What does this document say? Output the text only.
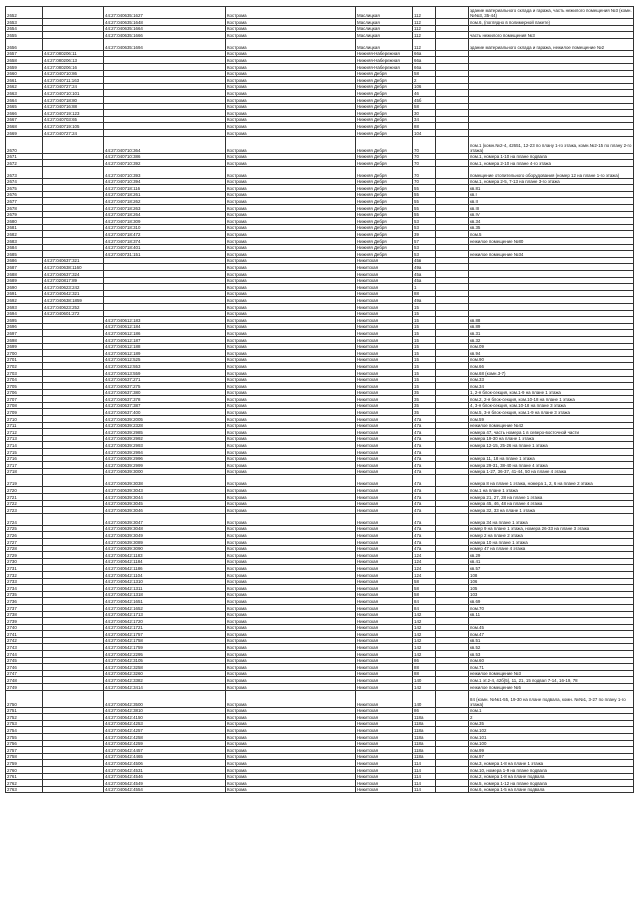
2652		44:27:040635:1627	Кострома	Маслицкая	112		здание материального склада и гаража, часть нежилого помещения №3 (комн. №№3, 35-44)
2653		44:27:040635:1648	Кострома	Маслицкая	112		пом.6, (поглядно в полимерной пакете)
2654		44:27:040635:1664	Кострома	Маслицкая	112		
2655		44:27:040635:1666	Кострома	Маслицкая	112		часть нежилого помещения №3
2656		44:27:040635:1694	Кострома	Маслицкая	112		здание материального склада и гаража, нежилое помещение №2
2657	44:27:080206:11		Кострома	Нижняя-Набережная	66а		
2658	44:27:080206:13		Кострома	Нижняя-Набережная	66а		
2659	44:27:080206:16		Кострома	Нижняя-Набережная	66а		
2660	44:27:040710:86		Кострома	Нижняя Дебря	58		
2661	44:27:040711:163		Кострома	Нижняя Дебря	2		
2662	44:27:040727:24		Кострома	Нижняя Дебря	106		
2663	44:27:040710:101		Кострома	Нижняя Дебря	46		
2664	44:27:040718:80		Кострома	Нижняя Дебря	45б		
2665	44:27:040716:88		Кострома	Нижняя Дебря	58		
2666	44:27:040719:123		Кострома	Нижняя Дебря	30		
2667	44:27:040703:65		Кострома	Нижняя Дебря	34		
2668	44:27:040719:105		Кострома	Нижняя Дебря	88		
2669	44:27:040727:24		Кострома	Нижняя Дебря	104		
2670		44:27:040710:364	Кострома	Нижняя Дебря	70		пом.1 (комн.№2-4, 42651, 12-23 по плану 1-го этажа, комн.№2-15 по плану 2-го этажа)
2671		44:27:040710:386	Кострома	Нижняя Дебря	70		пом.1, номера 1-10 на плане подвала
2672		44:27:040710:392	Кострома	Нижняя Дебря	70		пом.1, номера 2-10 на плане 4-го этажа
2673		44:27:040710:393	Кострома	Нижняя Дебря	70		помещение отопительного оборудования (номер 12 на плане 1-го этажа)
2674		44:27:040710:394	Кострома	Нижняя Дебря	70		пом.1, номера 2-5, 7-13 на плане 3-го этажа
2675		44:27:040718:116	Кострома	Нижняя Дебря	55		кв.81
2676		44:27:040718:261	Кострома	Нижняя Дебря	55		кв.I
2677		44:27:040718:262	Кострома	Нижняя Дебря	55		кв.II
2678		44:27:040718:263	Кострома	Нижняя Дебря	55		кв.III
2679		44:27:040718:264	Кострома	Нижняя Дебря	55		кв.IV
2680		44:27:040718:309	Кострома	Нижняя Дебря	53		кв.34
2681		44:27:040718:310	Кострома	Нижняя Дебря	53		кв.35
2682		44:27:040718:472	Кострома	Нижняя Дебря	39		пом.5
2683		44:27:040718:374	Кострома	Нижняя Дебря	57		нежилое помещение №80
2684		44:27:040718:401	Кострома	Нижняя Дебря	53		
2685		44:27:040731:151	Кострома	Нижняя Дебря	53		нежилое помещение №34
2686	44:27:040637:321		Кострома	Никитская	45в		
2687	44:27:040638:1160		Кострома	Никитская	49а		
2688	44:27:040637:324		Кострома	Никитская	45а		
2689	44:27:020817:89		Кострома	Никитская	45а		
2690	44:27:040623:242		Кострома	Никитская	1		
2691	44:27:040642:321		Кострома	Никитская	88		
2692	44:27:040638:1859		Кострома	Никитская	49а		
2693	44:27:040623:252		Кострома	Никитская	15		
2694	44:27:040601:272		Кострома	Никитская	15		
2695		44:27:040612:183	Кострома	Никитская	15		кв.88
2696		44:27:040612:184	Кострома	Никитская	15		кв.89
2697		44:27:040612:186	Кострома	Никитская	15		кв.31
2698		44:27:040612:187	Кострома	Никитская	15		кв.32
2699		44:27:040612:188	Кострома	Никитская	15		пом.09
2700		44:27:040612:189	Кострома	Никитская	15		кв.94
2701		44:27:040612:525	Кострома	Никитская	15		пом.90
2702		44:27:040612:553	Кострома	Никитская	15		пом.66
2703		44:27:040613:559	Кострома	Никитская	15		пом.68 (комн.3-7)
2704		44:27:040637:271	Кострома	Никитская	15		пом.33
2705		44:27:040637:275	Кострома	Никитская	15		пом.34
2706		44:27:040637:380	Кострома	Никитская	35		1, 2-я блок-секция, ком.1-9 на плане 1 этажа
2707		44:27:040637:378	Кострома	Никитская	35		пом.2, 2-я блок-секция, ком.10-18 на плане 1 этажа
2708		44:27:040637:387	Кострома	Никитская	35		4, 3-я блок-секция, ком.10-18 на плане 3 этажа
2709		44:27:040637:400	Кострома	Никитская	35		пом.5, 3-я блок-секция, ком.1-9 на плане 3 этажа
2710		44:27:040639:2005	Кострома	Никитская	47а		пом.59
2711		44:27:040639:2328	Кострома	Никитская	47а		нежилое помещение №42
2712		44:27:040639:2985	Кострома	Никитская	47а		номера 47, часть номера 1 в северо-восточной части
2713		44:27:040639:2992	Кострома	Никитская	47а		номера 19-30 на плане 1 этажа
2714		44:27:040639:2993	Кострома	Никитская	47а		номера 12-15, 25-26 на плане 1 этажа
2715		44:27:040639:2994	Кострома	Никитская	47а		
2716		44:27:040639:2996	Кострома	Никитская	47а		номера 11, 18 на плане 1 этажа
2717		44:27:040639:2999	Кострома	Никитская	47а		номера 29-31, 38-40 на плане 4 этажа
2718		44:27:040639:3000	Кострома	Никитская	47а		номера 1-27, 36-37, 41-44, 50 на плане 4 этажа
2719		44:27:040639:3038	Кострома	Никитская	47а		номера 8 на плане 1 этажа, номера 1, 2, 6 на плане 2 этажа
2720		44:27:040639:3043	Кострома	Никитская	47а		пом.1 на плане 1 этажа
2721		44:27:040639:3044	Кострома	Никитская	47а		номера 21, 27, 28 на плане 1 этажа
2722		44:27:040639:3045	Кострома	Никитская	47а		номера 45, 46, 48 на плане 4 этажа
2723		44:27:040639:3046	Кострома	Никитская	47а		номера 32, 33 на плане 1 этажа
2724		44:27:040639:3047	Кострома	Никитская	47а		номера 34 на плане 1 этажа
2725		44:27:040639:3048	Кострома	Никитская	47а		номер 9 на плане 1 этажа, номера 26-33 на плане 3 этажа
2726		44:27:040639:3049	Кострома	Никитская	47а		номер 2 на плане 2 этажа
2727		44:27:040639:3089	Кострома	Никитская	47а		номера 10 на плане 1 этажа
2728		44:27:040639:3090	Кострома	Никитская	47а		номер 47 на плане 4 этажа
2729		44:27:040642:1183	Кострома	Никитская	124		кв.29
2730		44:27:040642:1184	Кострома	Никитская	124		кв.41
2731		44:27:040642:1186	Кострома	Никитская	124		кв.57
2732		44:27:040642:1104	Кострома	Никитская	124		108
2733		44:27:040642:1310	Кострома	Никитская	58		106
2734		44:27:040642:1311	Кострома	Никитская	58		105
2735		44:27:040642:1318	Кострома	Никитская	58		103
2736		44:27:040642:1651	Кострома	Никитская	84		кв.69
2737		44:27:040642:1652	Кострома	Никитская	84		пом.70
2738		44:27:040642:1713	Кострома	Никитская	142		кв.11
2739		44:27:040642:1720	Кострома	Никитская	142		
2740		44:27:040642:1721	Кострома	Никитская	142		пом.45
2741		44:27:040642:1757	Кострома	Никитская	142		пом.47
2742		44:27:040642:1758	Кострома	Никитская	142		кв.51
2743		44:27:040642:1759	Кострома	Никитская	142		кв.52
2744		44:27:040642:2295	Кострома	Никитская	142		кв.53
2745		44:27:040642:3105	Кострома	Никитская	86		пом.60
2746		44:27:040642:3258	Кострома	Никитская	88		пом.71
2747		44:27:040642:3260	Кострома	Никитская	88		нежилое помещение №3
2748		44:27:040642:3382	Кострома	Никитская	140		пом.1 эт.2-4, 42б(5), 11, 21, 15 подвал 7-14, 16-19, 78
2749		44:27:040642:3414	Кострома	Никитская	142		нежилое помещение №5
2750		44:27:040642:3500	Кострома	Никитская	140		84 (комн. №№1-55, 19-30 на плане подвала, комн. №№1, 3-27 по плану 1-го этажа)
2751		44:27:040642:3810	Кострома	Никитская	86		пом.1
2752		44:27:040642:4150	Кострома	Никитская	118а		2
2753		44:27:040642:4253	Кострома	Никитская	118а		пом.35
2754		44:27:040642:4257	Кострома	Никитская	118а		пом.102
2755		44:27:040642:4258	Кострома	Никитская	118а		пом.101
2756		44:27:040642:4259	Кострома	Никитская	118а		пом.100
2757		44:27:040642:4457	Кострома	Никитская	118а		пом.99
2758		44:27:040642:4465	Кострома	Никитская	118а		пом.97
2759		44:27:040642:4506	Кострома	Никитская	114		пом.3, номера 1-8 на плане 1 этажа
2760		44:27:040642:4531	Кострома	Никитская	114		пом.10, номера 1-9 на плане подвала
2761		44:27:040642:4546	Кострома	Никитская	114		пом.2, номера 1-8 на плане подвала
2762		44:27:040642:4549	Кострома	Никитская	114		пом.5, номера 1-12 на плане подвала
2763		44:27:040642:4554	Кострома	Никитская	114		пом.6, номера 1-5 на плане подвала
